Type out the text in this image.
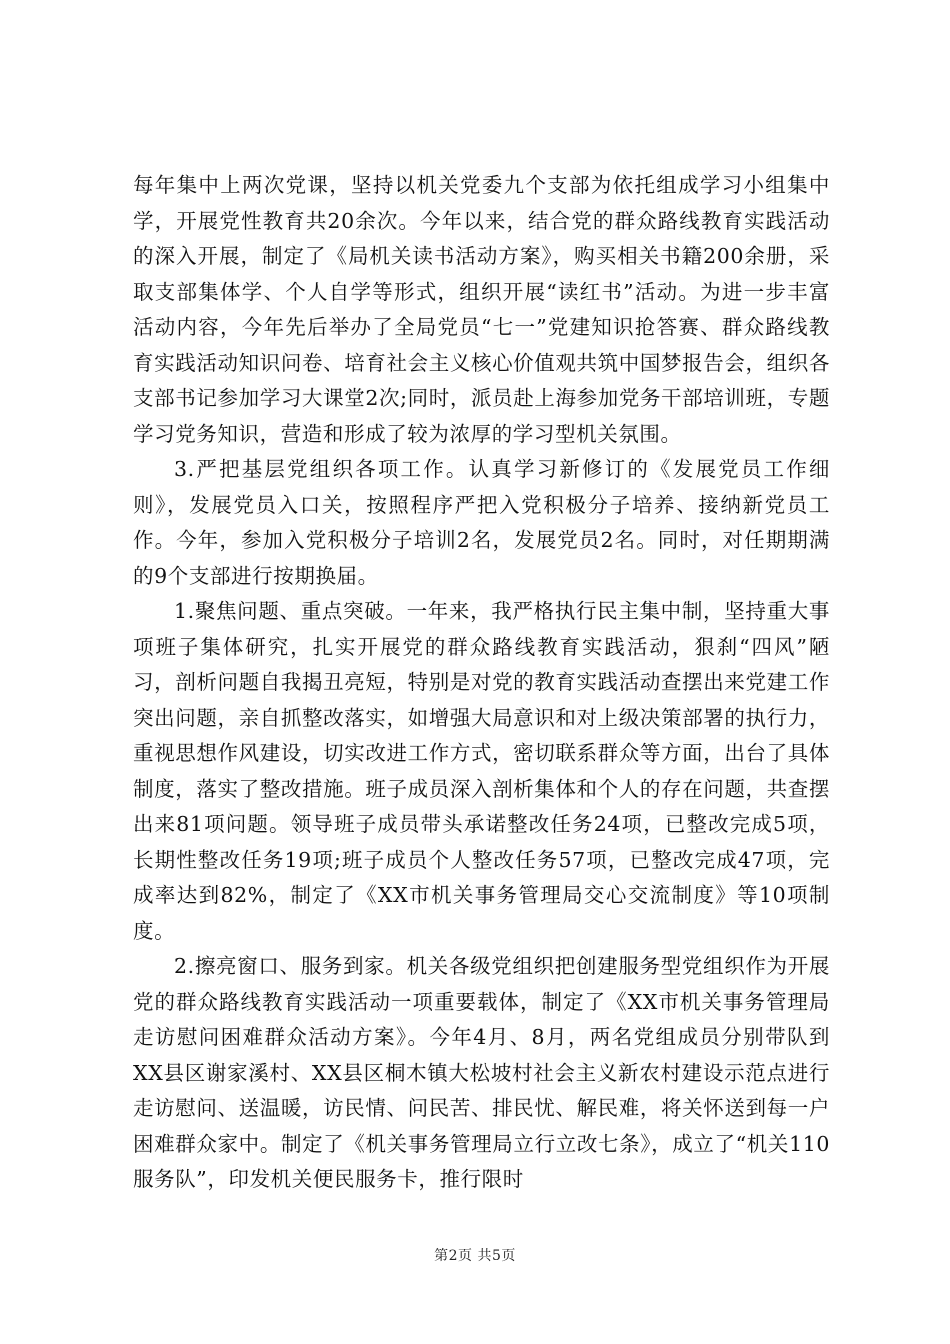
每年集中上两次党课，坚持以机关党委九个支部为依托组成学习小组集中学，开展党性教育共20余次。今年以来，结合党的群众路线教育实践活动的深入开展，制定了《局机关读书活动方案》，购买相关书籍200余册，采取支部集体学、个人自学等形式，组织开展“读红书”活动。为进一步丰富活动内容，今年先后举办了全局党员“七一”党建知识抢答赛、群众路线教育实践活动知识问卷、培育社会主义核心价值观共筑中国梦报告会，组织各支部书记参加学习大课堂2次;同时，派员赴上海参加党务干部培训班，专题学习党务知识，营造和形成了较为浓厚的学习型机关氛围。

3.严把基层党组织各项工作。认真学习新修订的《发展党员工作细则》，发展党员入口关，按照程序严把入党积极分子培养、接纳新党员工作。今年，参加入党积极分子培训2名，发展党员2名。同时，对任期期满的9个支部进行按期换届。

1.聚焦问题、重点突破。一年来，我严格执行民主集中制，坚持重大事项班子集体研究，扎实开展党的群众路线教育实践活动，狠刹“四风”陋习，剖析问题自我揭丑亮短，特别是对党的教育实践活动查摆出来党建工作突出问题，亲自抓整改落实，如增强大局意识和对上级决策部署的执行力，重视思想作风建设，切实改进工作方式，密切联系群众等方面，出台了具体制度，落实了整改措施。班子成员深入剖析集体和个人的存在问题，共查摆出来81项问题。领导班子成员带头承诺整改任务24项，已整改完成5项，长期性整改任务19项;班子成员个人整改任务57项，已整改完成47项，完成率达到82%，制定了《XX市机关事务管理局交心交流制度》等10项制度。

2.擦亮窗口、服务到家。机关各级党组织把创建服务型党组织作为开展党的群众路线教育实践活动一项重要载体，制定了《XX市机关事务管理局走访慰问困难群众活动方案》。今年4月、8月，两名党组成员分别带队到XX县区谢家溪村、XX县区桐木镇大松坡村社会主义新农村建设示范点进行走访慰问、送温暖，访民情、问民苦、排民忧、解民难，将关怀送到每一户困难群众家中。制定了《机关事务管理局立行立改七条》，成立了“机关110服务队”，印发机关便民服务卡，推行限时

第2页 共5页
